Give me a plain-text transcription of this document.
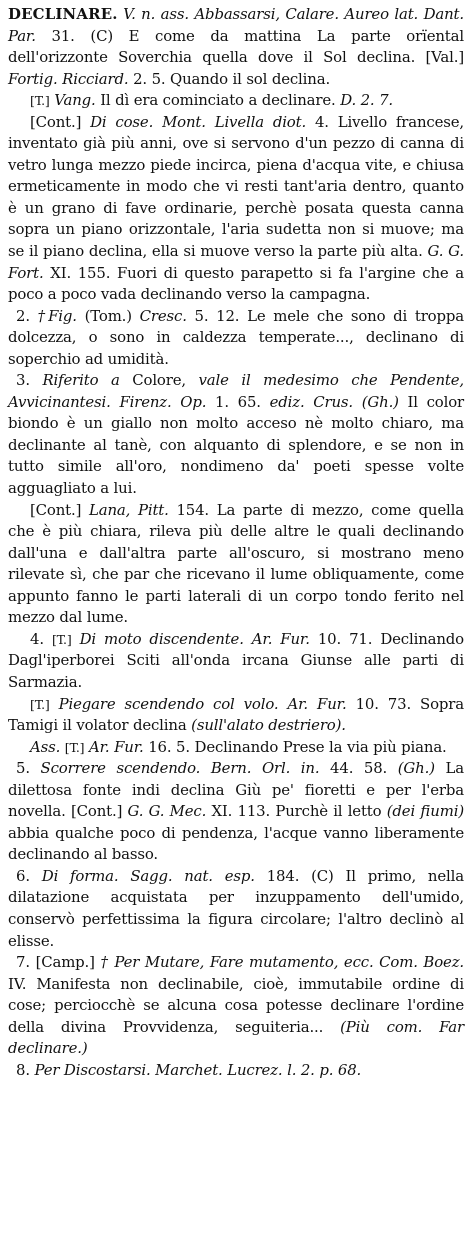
DECLINARE. V. n. ass. Abbassarsi, Calare. Aureo lat. Dant. Par. 31. (C) E come da mattina La parte orïental dell'orizzonte Soverchia quella dove il Sol declina. [Val.] Fortig. Ricciard. 2. 5. Quando il sol declina.

[T.] Vang. Il dì era cominciato a declinare. D. 2. 7.

[Cont.] Di cose. Mont. Livella diot. 4. Livello francese, inventato già più anni, ove si servono d'un pezzo di canna di vetro lunga mezzo piede incirca, piena d'acqua vite, e chiusa ermeticamente in modo che vi resti tant'aria dentro, quanto è un grano di fave ordinarie, perchè posata questa canna sopra un piano orizzontale, l'aria sudetta non si muove; ma se il piano declina, ella si muove verso la parte più alta. G. G. Fort. XI. 155. Fuori di questo parapetto si fa l'argine che a poco a poco vada declinando verso la campagna.

2. †Fig. (Tom.) Cresc. 5. 12. Le mele che sono di troppa dolcezza, o sono in caldezza temperate..., declinano di soperchio ad umidità.

3. Riferito a Colore, vale il medesimo che Pendente, Avvicinantesi. Firenz. Op. 1. 65. ediz. Crus. (Gh.) Il color biondo è un giallo non molto acceso nè molto chiaro, ma declinante al tanè, con alquanto di splendore, e se non in tutto simile all'oro, nondimeno da' poeti spesse volte agguagliato a lui.

[Cont.] Lana, Pitt. 154. La parte di mezzo, come quella che è più chiara, rileva più delle altre le quali declinando dall'una e dall'altra parte all'oscuro, si mostrano meno rilevate sì, che par che ricevano il lume obliquamente, come appunto fanno le parti laterali di un corpo tondo ferito nel mezzo dal lume.

4. [T.] Di moto discendente. Ar. Fur. 10. 71. Declinando Dagl'iperborei Sciti all'onda ircana Giunse alle parti di Sarmazia.

[T.] Piegare scendendo col volo. Ar. Fur. 10. 73. Sopra Tamigi il volator declina (sull'alato destriero).

Ass. [T.] Ar. Fur. 16. 5. Declinando Prese la via più piana.

5. Scorrere scendendo. Bern. Orl. in. 44. 58. (Gh.) La dilettosa fonte indi declina Giù pe' fioretti e per l'erba novella. [Cont.] G. G. Mec. XI. 113. Purchè il letto (dei fiumi) abbia qualche poco di pendenza, l'acque vanno liberamente declinando al basso.

6. Di forma. Sagg. nat. esp. 184. (C) Il primo, nella dilatazione acquistata per inzuppamento dell'umido, conservò perfettissima la figura circolare; l'altro declinò al elisse.

7. [Camp.] † Per Mutare, Fare mutamento, ecc. Com. Boez. IV. Manifesta non declinabile, cioè, immutabile ordine di cose; perciocchè se alcuna cosa potesse declinare l'ordine della divina Provvidenza, seguiteria... (Più com. Far declinare.)

8. Per Discostarsi. Marchet. Lucrez. l. 2. p. 68.
